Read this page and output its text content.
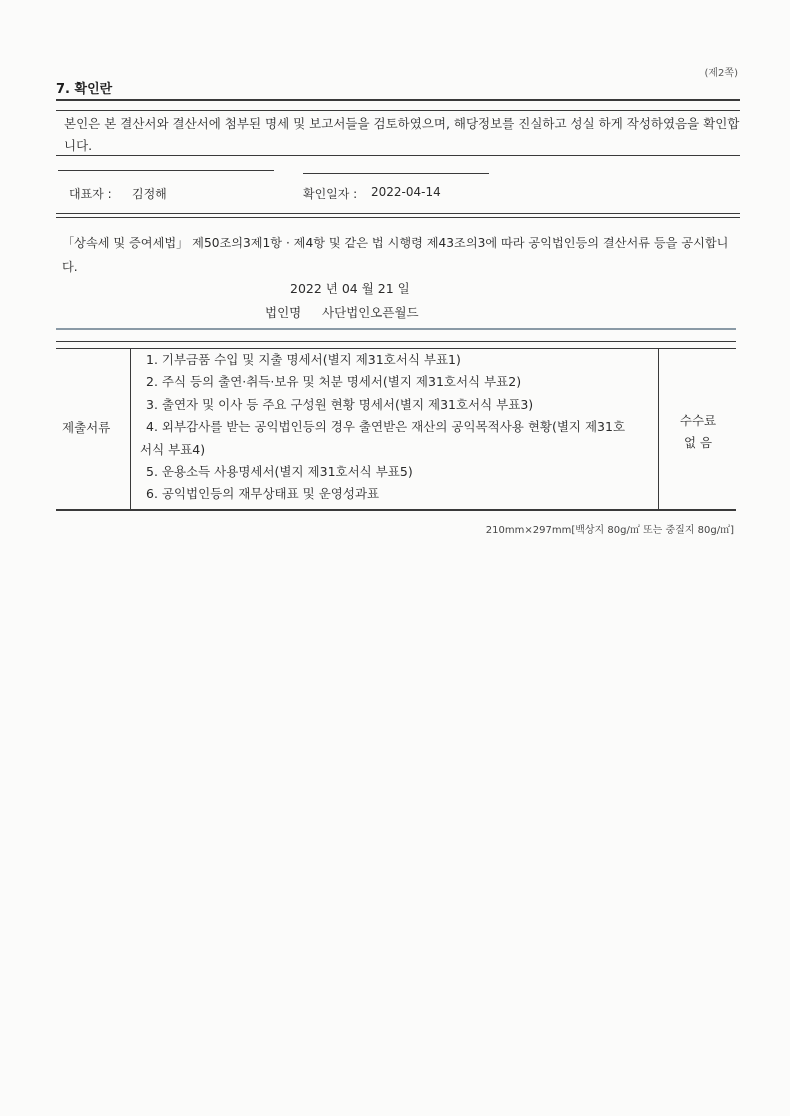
(제2쪽)
7. 확인란
본인은 본 결산서와 결산서에 첨부된 명세 및 보고서들을 검토하였으며, 해당정보를 진실하고 성실 하게 작성하였음을 확인합니다.
대표자 : 김정해	확인일자 : 2022-04-14
「상속세 및 증여세법」 제50조의3제1항 · 제4항 및 같은 법 시행령 제43조의3에 따라 공익법인등의 결산서류 등을 공시합니다.
2022 년 04 월 21 일
법인명 사단법인오픈월드
제출서류
1. 기부금품 수입 및 지출 명세서(별지 제31호서식 부표1)
2. 주식 등의 출연·취득·보유 및 처분 명세서(별지 제31호서식 부표2)
3. 출연자 및 이사 등 주요 구성원 현황 명세서(별지 제31호서식 부표3)
4. 외부감사를 받는 공익법인등의 경우 출연받은 재산의 공익목적사용 현황(별지 제31호
서식 부표4)
5. 운용소득 사용명세서(별지 제31호서식 부표5)
6. 공익법인등의 재무상태표 및 운영성과표
수수료
없 음
210mm×297mm[백상지 80g/㎡ 또는 중질지 80g/㎡]
